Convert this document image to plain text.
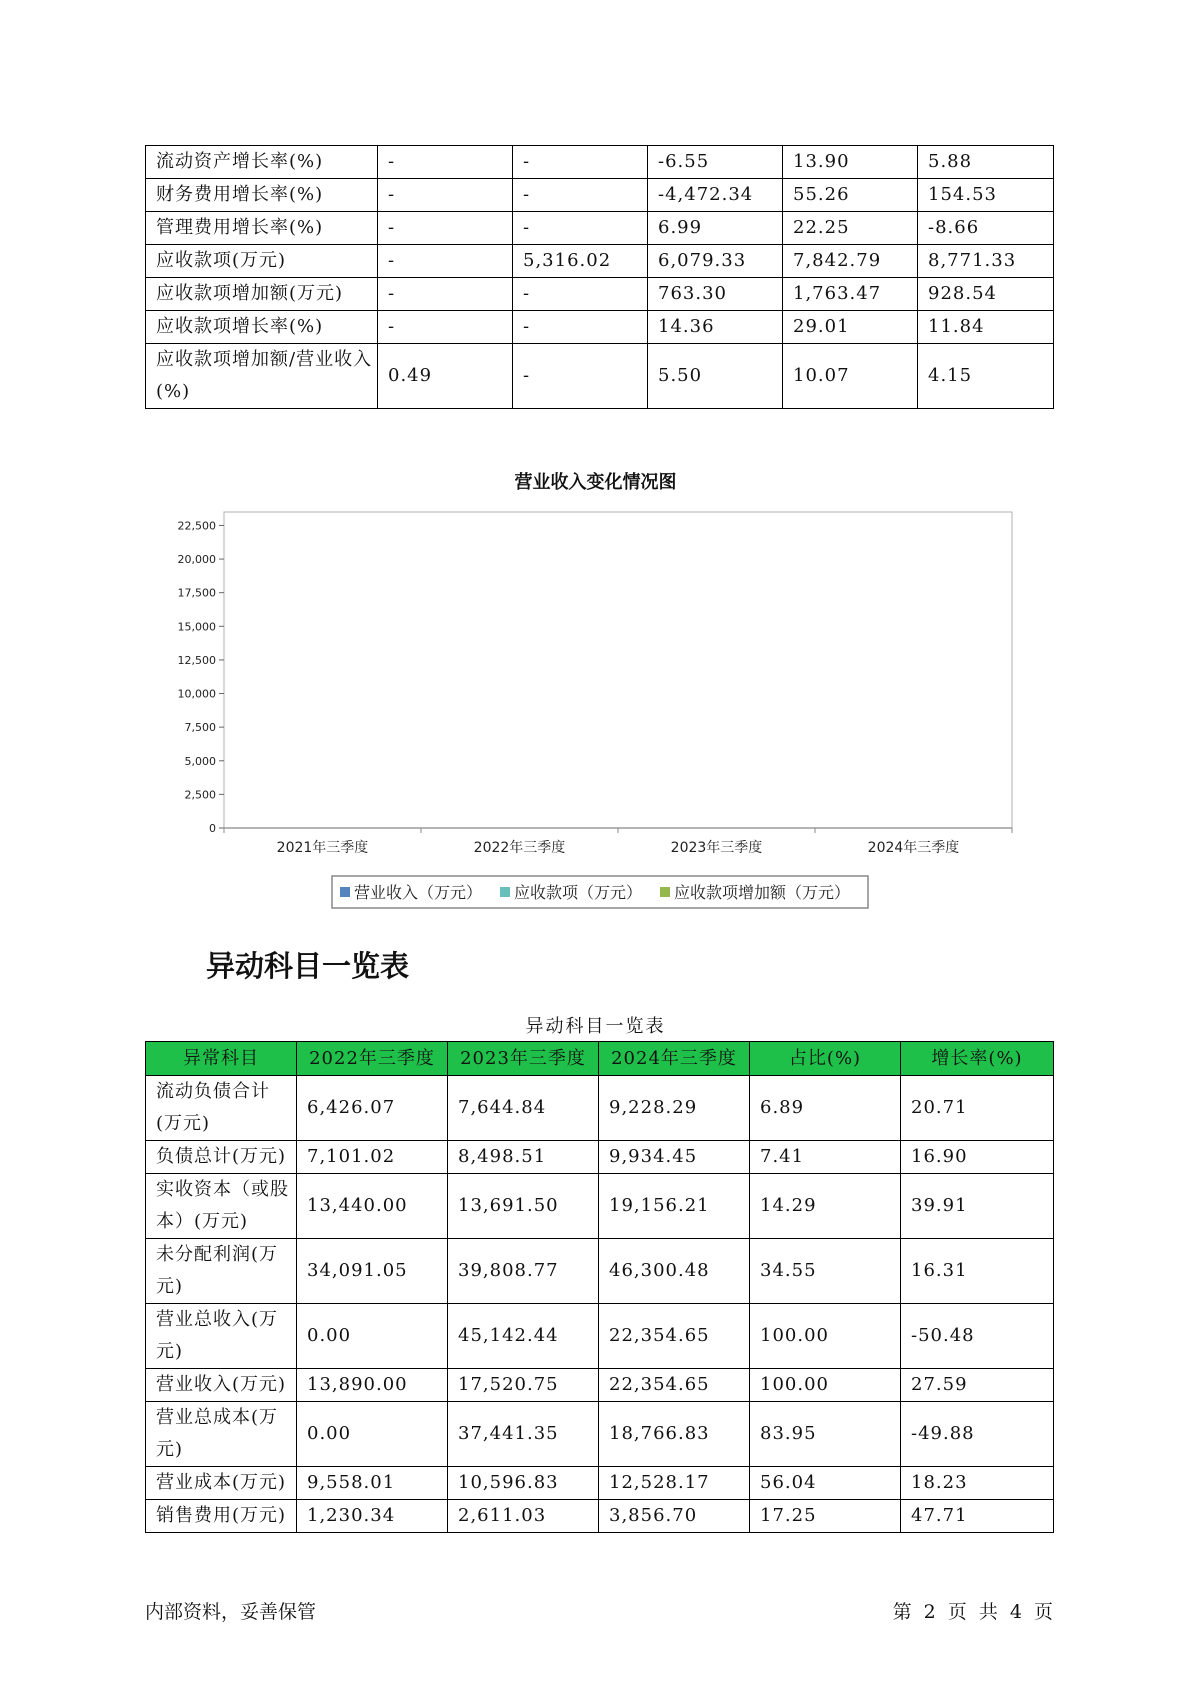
流动资产增长率(%)	-	-	-6.55	13.90	5.88
财务费用增长率(%)	-	-	-4,472.34	55.26	154.53
管理费用增长率(%)	-	-	6.99	22.25	-8.66
应收款项(万元)	-	5,316.02	6,079.33	7,842.79	8,771.33
应收款项增加额(万元)	-	-	763.30	1,763.47	928.54
应收款项增长率(%)	-	-	14.36	29.01	11.84
应收款项增加额/营业收入(%)	0.49	-	5.50	10.07	4.15
营业收入变化情况图
0
2,500
5,000
7,500
10,000
12,500
15,000
17,500
20,000
22,500
2021年三季度	2022年三季度	2023年三季度	2024年三季度
营业收入（万元） 应收款项（万元） 应收款项增加额（万元）
异动科目一览表
异动科目一览表
异常科目	2022年三季度	2023年三季度	2024年三季度	占比(%)	增长率(%)
流动负债合计(万元)	6,426.07	7,644.84	9,228.29	6.89	20.71
负债总计(万元)	7,101.02	8,498.51	9,934.45	7.41	16.90
实收资本（或股本）(万元)	13,440.00	13,691.50	19,156.21	14.29	39.91
未分配利润(万元)	34,091.05	39,808.77	46,300.48	34.55	16.31
营业总收入(万元)	0.00	45,142.44	22,354.65	100.00	-50.48
营业收入(万元)	13,890.00	17,520.75	22,354.65	100.00	27.59
营业总成本(万元)	0.00	37,441.35	18,766.83	83.95	-49.88
营业成本(万元)	9,558.01	10,596.83	12,528.17	56.04	18.23
销售费用(万元)	1,230.34	2,611.03	3,856.70	17.25	47.71
内部资料，妥善保管	第 2 页 共 4 页
